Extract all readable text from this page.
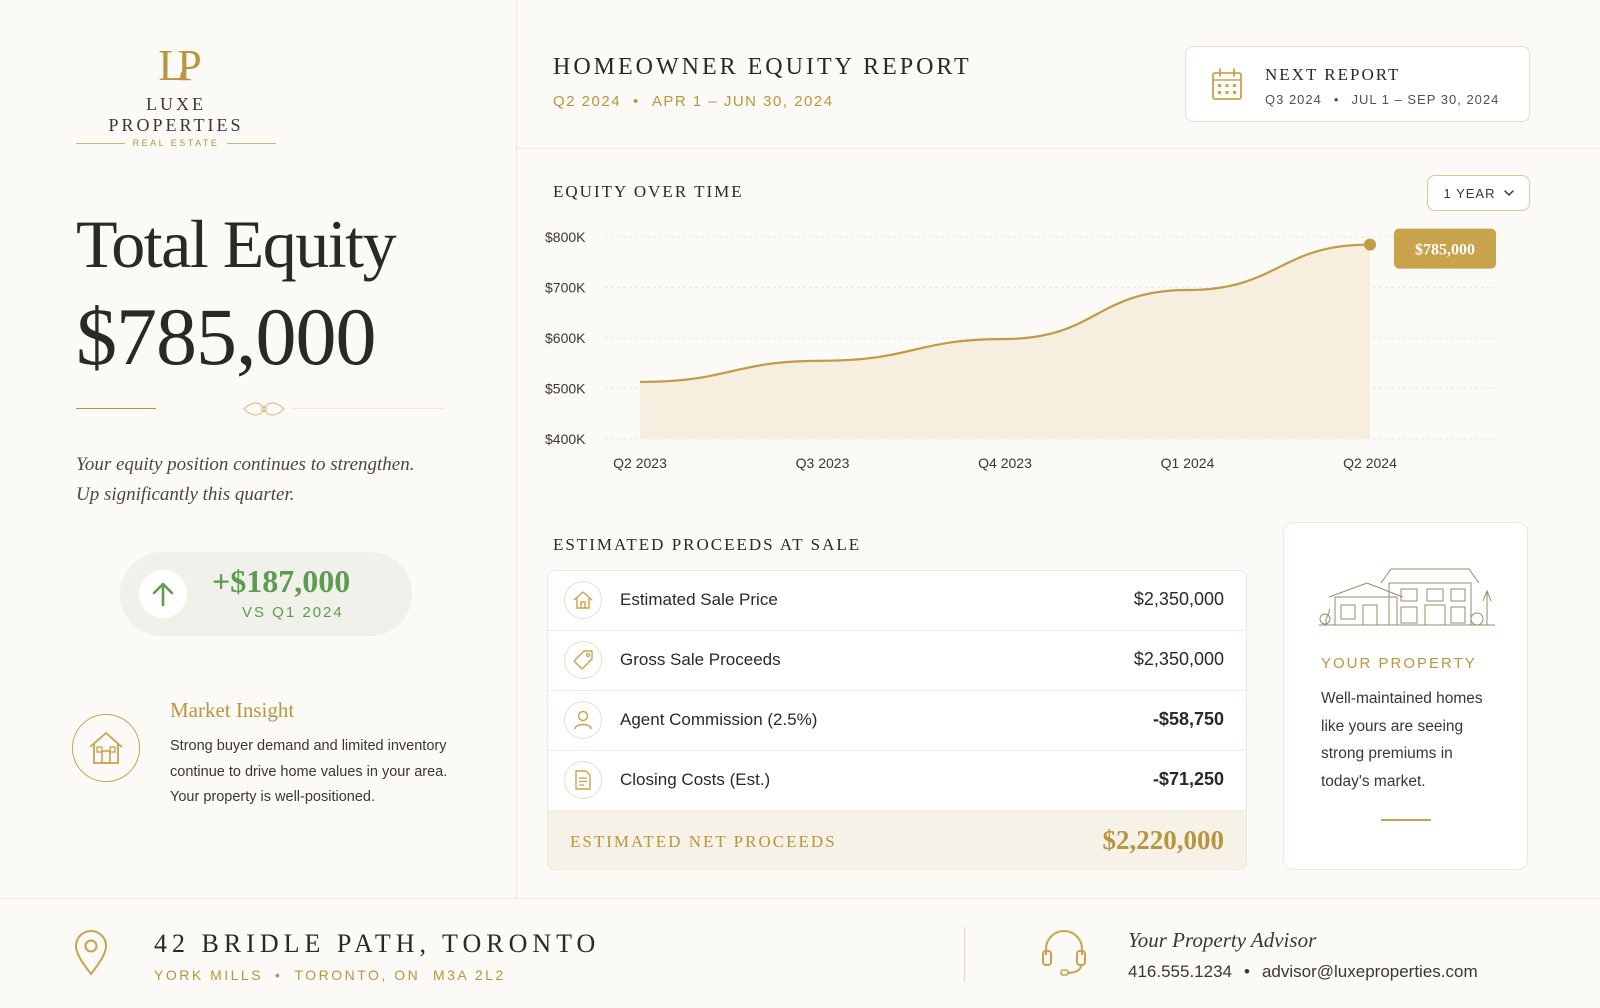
LP
LUXE PROPERTIES
REAL ESTATE
Total Equity
$785,000
Your equity position continues to strengthen.
Up significantly this quarter.
+$187,000
VS Q1 2024
Market Insight
Strong buyer demand and limited inventory
continue to drive home values in your area.
Your property is well-positioned.
HOMEOWNER EQUITY REPORT
Q2 2024 • APR 1 – JUN 30, 2024
NEXT REPORT
Q3 2024 • JUL 1 – SEP 30, 2024
EQUITY OVER TIME	1 YEAR
$400K
$500K
$600K
$700K
$800K
Q2 2023	Q3 2023	Q4 2023	Q1 2024	Q2 2024
$785,000
ESTIMATED PROCEEDS AT SALE
Estimated Sale Price	$2,350,000
Gross Sale Proceeds	$2,350,000
Agent Commission (2.5%)	-$58,750
Closing Costs (Est.)	-$71,250
ESTIMATED NET PROCEEDS	$2,220,000
YOUR PROPERTY
Well-maintained homes
like yours are seeing
strong premiums in
today's market.
42 BRIDLE PATH, TORONTO
YORK MILLS • TORONTO, ON  M3A 2L2
Your Property Advisor
416.555.1234 • advisor@luxeproperties.com
